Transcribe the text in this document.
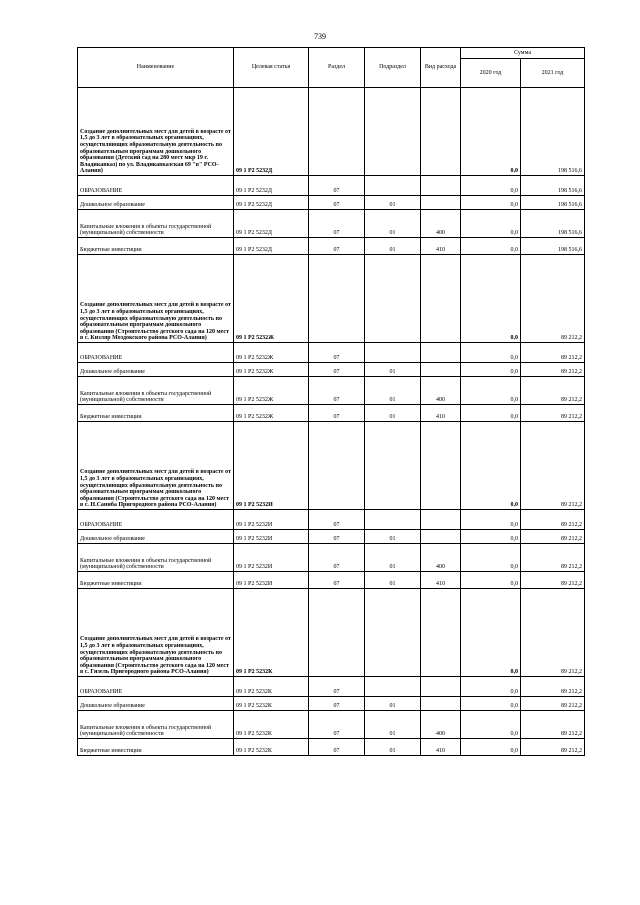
739
Наименование	Целевая статья	Раздел	Подраздел	Вид расхода	Сумма	
					2020 год	2021 год
Создание дополнительных мест для детей в возрасте от 1,5 до 3 лет в образовательных организациях, осуществляющих образовательную деятельность по образовательным программам дошкольного образования (Детский сад на 280 мест мкр 19 г. Владикавказ) по ул. Владикавказская 69 "в" РСО-Алания)	09 1 P2 5232Д				0,0	198 516,6
ОБРАЗОВАНИЕ	09 1 P2 5232Д	07			0,0	198 516,6
Дошкольное образование	09 1 P2 5232Д	07	01		0,0	198 516,6
Капитальные вложения в объекты государственной (муниципальной) собственности	09 1 P2 5232Д	07	01	400	0,0	198 516,6
Бюджетные инвестиции	09 1 P2 5232Д	07	01	410	0,0	198 516,6
Создание дополнительных мест для детей в возрасте от 1,5 до 3 лет в образовательных организациях, осуществляющих образовательную деятельность по образовательным программам дошкольного образования (Строительство детского сада на 120 мест в с. Кизляр Моздокского района РСО-Алания)	09 1 P2 5232Ж				0,0	89 212,2
ОБРАЗОВАНИЕ	09 1 P2 5232Ж	07			0,0	89 212,2
Дошкольное образование	09 1 P2 5232Ж	07	01		0,0	89 212,2
Капитальные вложения в объекты государственной (муниципальной) собственности	09 1 P2 5232Ж	07	01	400	0,0	89 212,2
Бюджетные инвестиции	09 1 P2 5232Ж	07	01	410	0,0	89 212,2
Создание дополнительных мест для детей в возрасте от 1,5 до 3 лет в образовательных организациях, осуществляющих образовательную деятельность по образовательным программам дошкольного образования (Строительство детского сада на 120 мест в с. Н.Саниба Пригородного района РСО-Алания)	09 1 P2 5232И				0,0	89 212,2
ОБРАЗОВАНИЕ	09 1 P2 5232И	07			0,0	89 212,2
Дошкольное образование	09 1 P2 5232И	07	01		0,0	89 212,2
Капитальные вложения в объекты государственной (муниципальной) собственности	09 1 P2 5232И	07	01	400	0,0	89 212,2
Бюджетные инвестиции	09 1 P2 5232И	07	01	410	0,0	89 212,2
Создание дополнительных мест для детей в возрасте от 1,5 до 3 лет в образовательных организациях, осуществляющих образовательную деятельность по образовательным программам дошкольного образования (Строительство детского сада на 120 мест в с. Гизель Пригородного района РСО-Алания)	09 1 P2 5232К				0,0	89 212,2
ОБРАЗОВАНИЕ	09 1 P2 5232К	07			0,0	89 212,2
Дошкольное образование	09 1 P2 5232К	07	01		0,0	89 212,2
Капитальные вложения в объекты государственной (муниципальной) собственности	09 1 P2 5232К	07	01	400	0,0	89 212,2
Бюджетные инвестиции	09 1 P2 5232К	07	01	410	0,0	89 212,2
